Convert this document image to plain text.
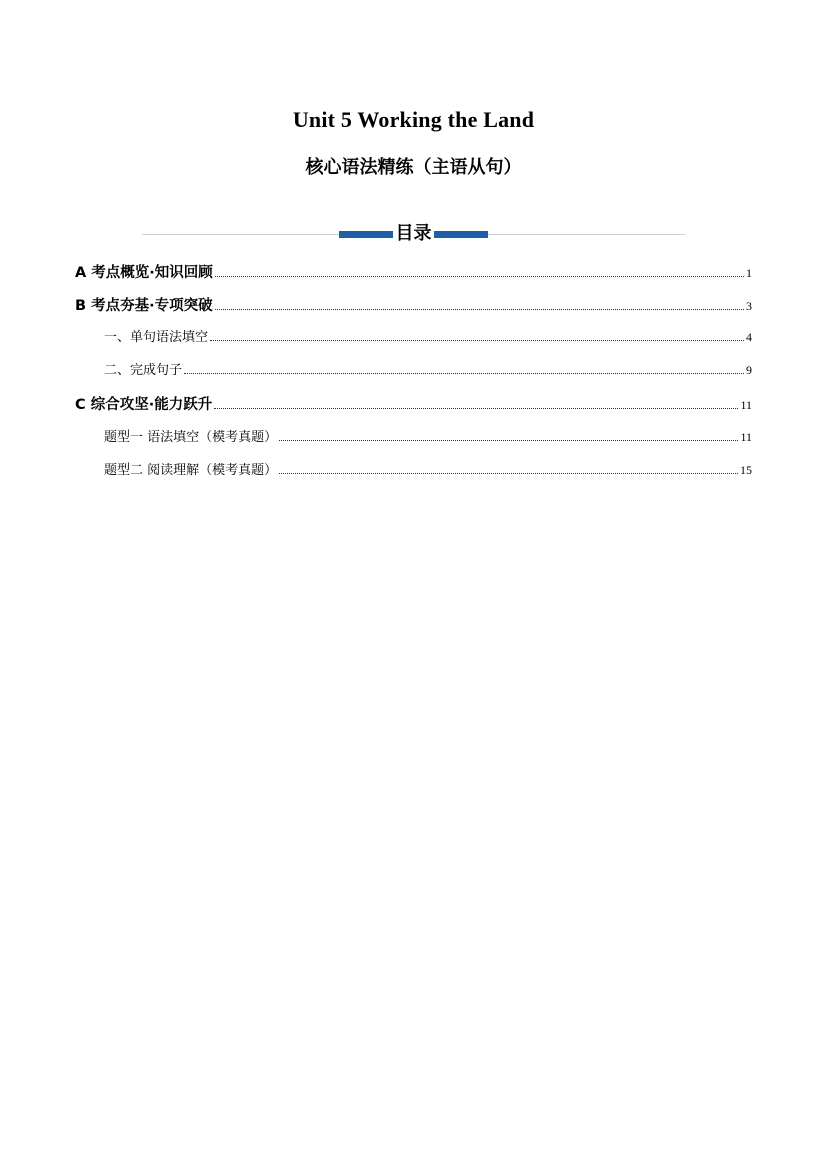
Unit 5 Working the Land
核心语法精练（主语从句）
目录
A 考点概览·知识回顾	1
B 考点夯基·专项突破	3
一、单句语法填空	4
二、完成句子	9
C 综合攻坚·能力跃升	11
题型一 语法填空（模考真题）	11
题型二 阅读理解（模考真题）	15
